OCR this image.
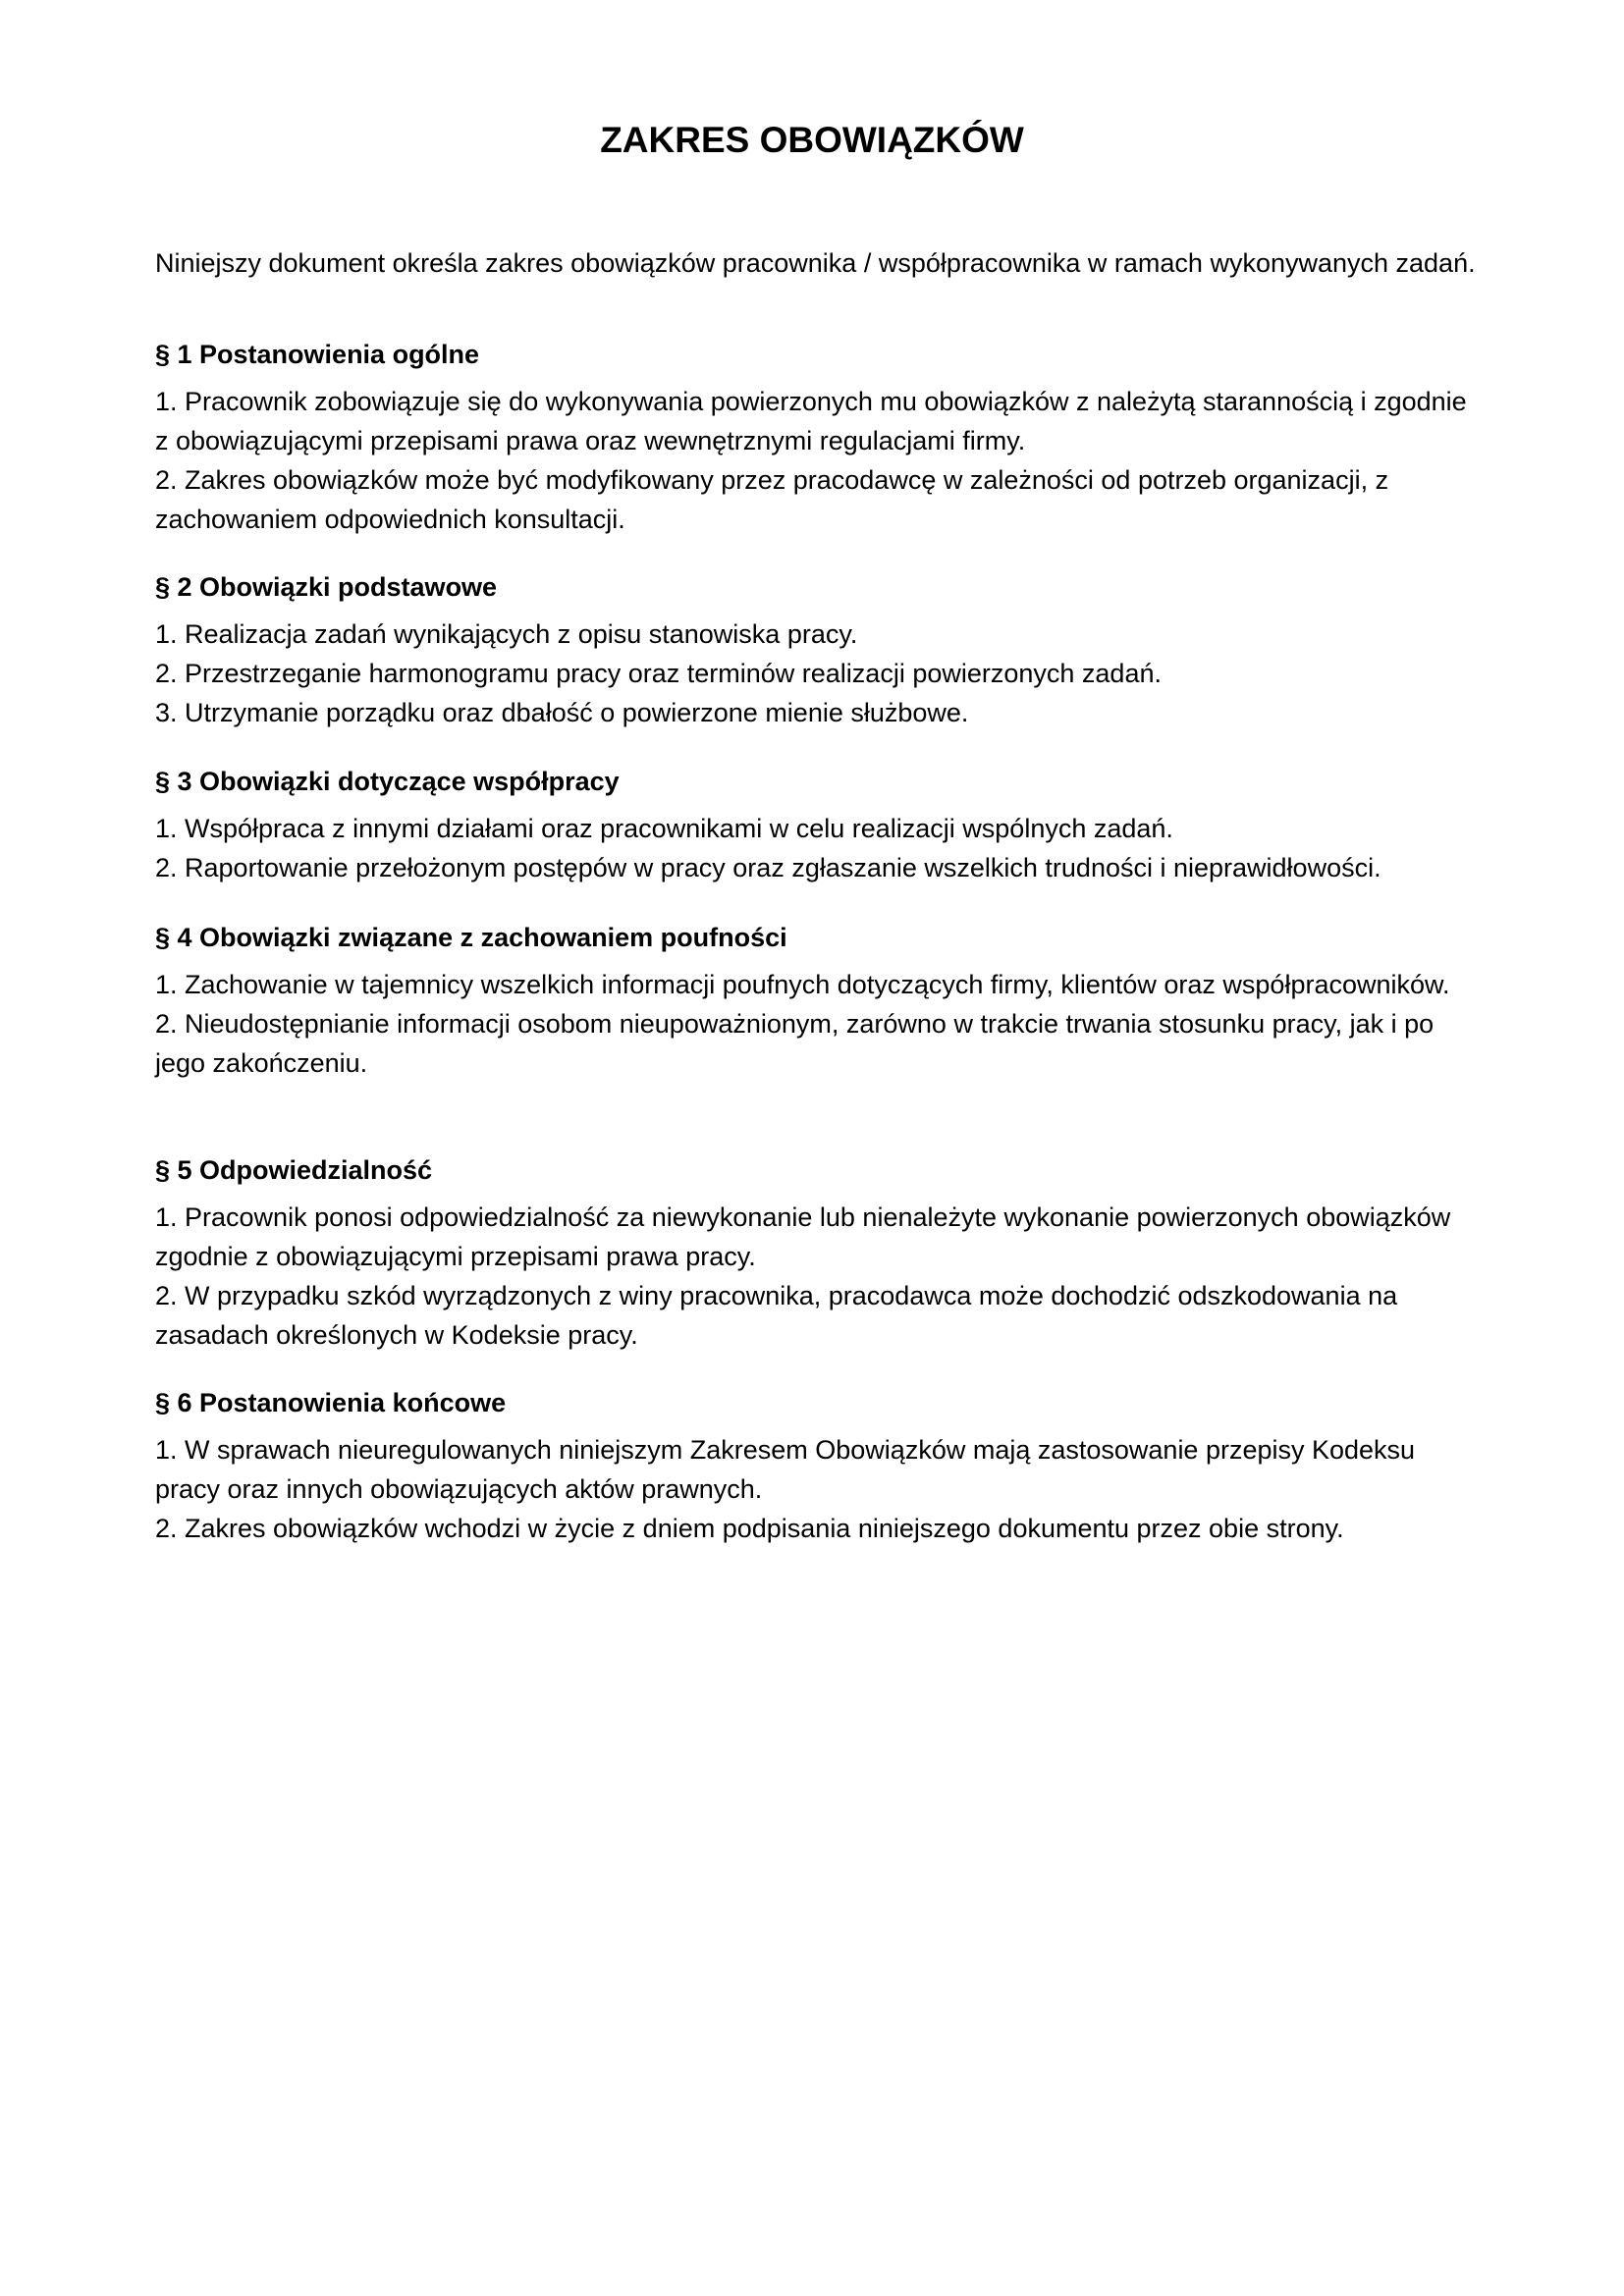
ZAKRES OBOWIĄZKÓW

Niniejszy dokument określa zakres obowiązków pracownika / współpracownika w ramach wykonywanych zadań.

§ 1 Postanowienia ogólne

1. Pracownik zobowiązuje się do wykonywania powierzonych mu obowiązków z należytą starannością i zgodnie z obowiązującymi przepisami prawa oraz wewnętrznymi regulacjami firmy.

2. Zakres obowiązków może być modyfikowany przez pracodawcę w zależności od potrzeb organizacji, z zachowaniem odpowiednich konsultacji.

§ 2 Obowiązki podstawowe

1. Realizacja zadań wynikających z opisu stanowiska pracy.

2. Przestrzeganie harmonogramu pracy oraz terminów realizacji powierzonych zadań.

3. Utrzymanie porządku oraz dbałość o powierzone mienie służbowe.

§ 3 Obowiązki dotyczące współpracy

1. Współpraca z innymi działami oraz pracownikami w celu realizacji wspólnych zadań.

2. Raportowanie przełożonym postępów w pracy oraz zgłaszanie wszelkich trudności i nieprawidłowości.

§ 4 Obowiązki związane z zachowaniem poufności

1. Zachowanie w tajemnicy wszelkich informacji poufnych dotyczących firmy, klientów oraz współpracowników.

2. Nieudostępnianie informacji osobom nieupoważnionym, zarówno w trakcie trwania stosunku pracy, jak i po jego zakończeniu.

§ 5 Odpowiedzialność

1. Pracownik ponosi odpowiedzialność za niewykonanie lub nienależyte wykonanie powierzonych obowiązków zgodnie z obowiązującymi przepisami prawa pracy.

2. W przypadku szkód wyrządzonych z winy pracownika, pracodawca może dochodzić odszkodowania na zasadach określonych w Kodeksie pracy.

§ 6 Postanowienia końcowe

1. W sprawach nieuregulowanych niniejszym Zakresem Obowiązków mają zastosowanie przepisy Kodeksu pracy oraz innych obowiązujących aktów prawnych.

2. Zakres obowiązków wchodzi w życie z dniem podpisania niniejszego dokumentu przez obie strony.
